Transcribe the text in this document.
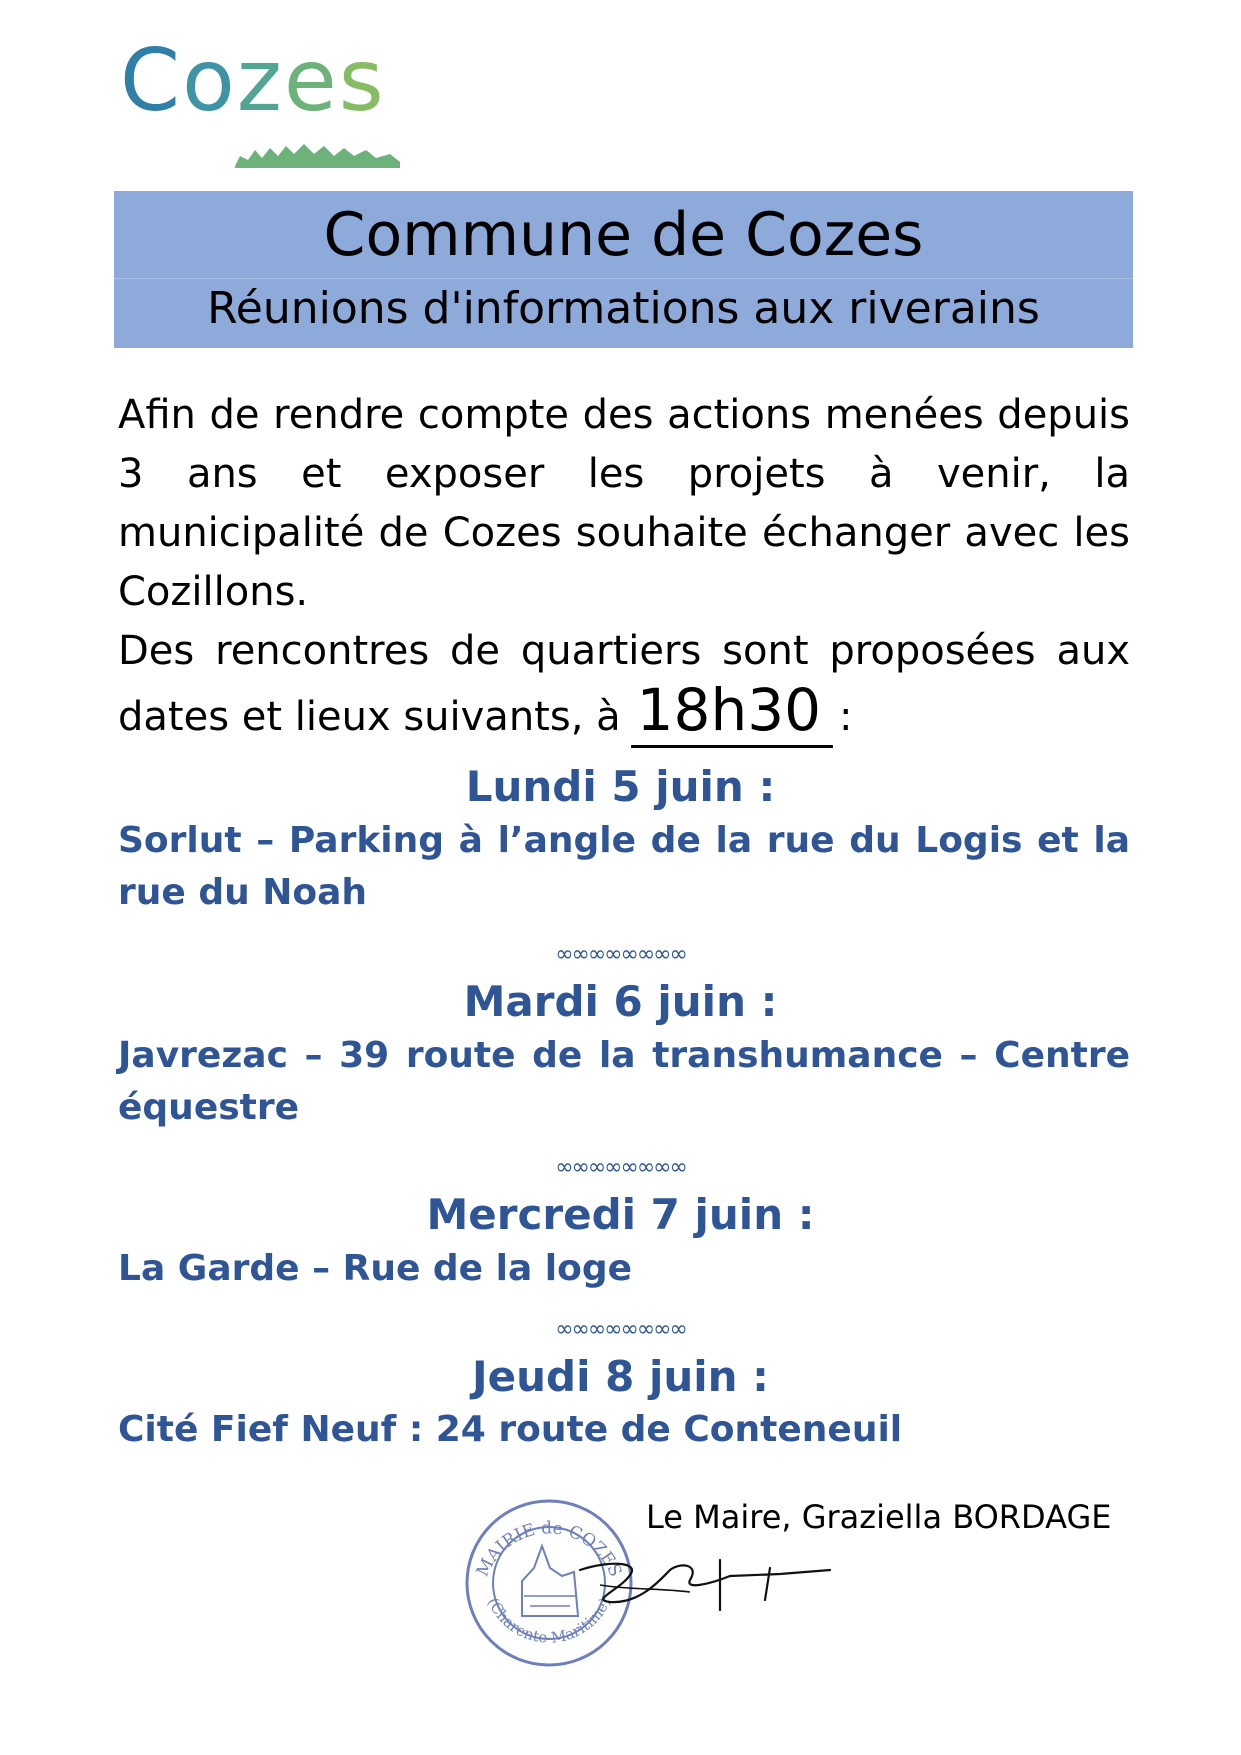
Cozes
Commune de Cozes
Réunions d'informations aux riverains

Afin de rendre compte des actions menées depuis 3 ans et exposer les projets à venir, la municipalité de Cozes souhaite échanger avec les Cozillons.

Des rencontres de quartiers sont proposées aux dates et lieux suivants, à 18h30 :

Lundi 5 juin :
Sorlut – Parking à l’angle de la rue du Logis et la rue du Noah
∞∞∞∞∞∞∞∞
Mardi 6 juin :
Javrezac – 39 route de la transhumance – Centre équestre
∞∞∞∞∞∞∞∞
Mercredi 7 juin :
La Garde – Rue de la loge
∞∞∞∞∞∞∞∞
Jeudi 8 juin :
Cité Fief Neuf : 24 route de Conteneuil
Le Maire, Graziella BORDAGE
MAIRIE de COZES
(Charente-Maritime)
